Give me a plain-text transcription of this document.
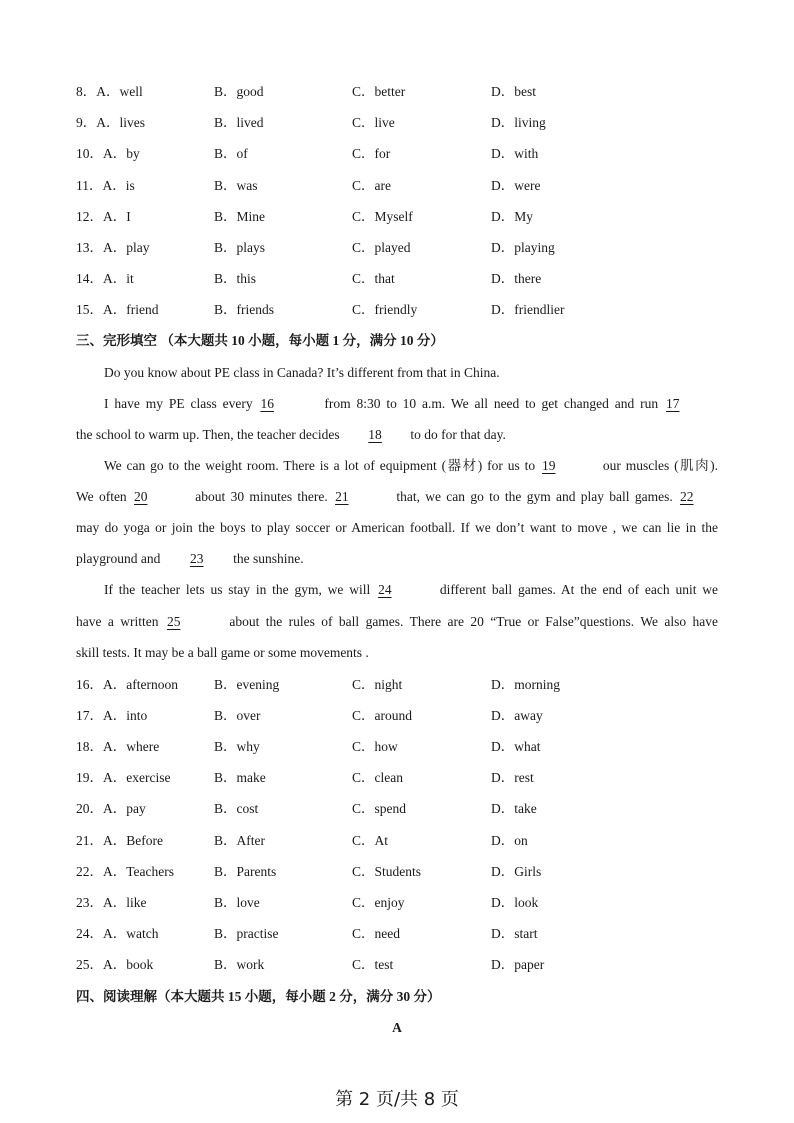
8．A．well	B．good	C．better	D．best
9．A．lives	B．lived	C．live	D．living
10．A．by	B．of	C．for	D．with
11．A．is	B．was	C．are	D．were
12．A．I	B．Mine	C．Myself	D．My
13．A．play	B．plays	C．played	D．playing
14．A．it	B．this	C．that	D．there
15．A．friend	B．friends	C．friendly	D．friendlier
三、完形填空 （本大题共 10 小题，每小题 1 分，满分 10 分）
Do you know about PE class in Canada? It’s different from that in China.
I have my PE class every 16	from 8:30 to 10 a.m. We all need to get changed and run 17
the school to warm up. Then, the teacher decides 18 to do for that day.
We can go to the weight room. There is a lot of equipment (器材) for us to 19	our muscles (肌肉).
We often 20	about 30 minutes there. 21	that, we can go to the gym and play ball games. 22
may do yoga or join the boys to play soccer or American football. If we don’t want to move , we can lie in the
playground and 23 the sunshine.
If the teacher lets us stay in the gym, we will 24	different ball games. At the end of each unit we
have a written 25	about the rules of ball games. There are 20 “True or False”questions. We also have
skill tests. It may be a ball game or some movements .
16．A．afternoon	B．evening	C．night	D．morning
17．A．into	B．over	C．around	D．away
18．A．where	B．why	C．how	D．what
19．A．exercise	B．make	C．clean	D．rest
20．A．pay	B．cost	C．spend	D．take
21．A．Before	B．After	C．At	D．on
22．A．Teachers	B．Parents	C．Students	D．Girls
23．A．like	B．love	C．enjoy	D．look
24．A．watch	B．practise	C．need	D．start
25．A．book	B．work	C．test	D．paper
四、阅读理解（本大题共 15 小题，每小题 2 分，满分 30 分）
A
第 2 页/共 8 页
